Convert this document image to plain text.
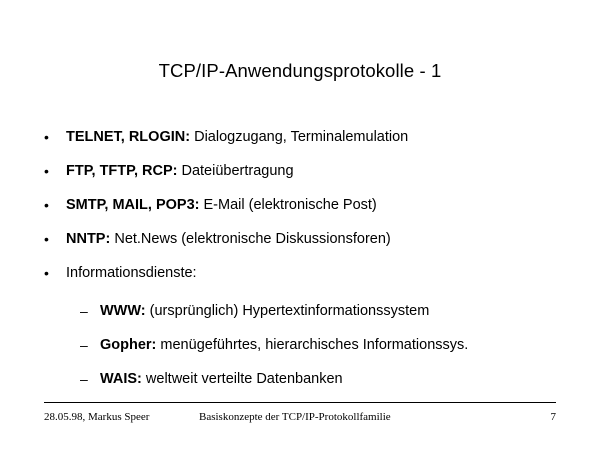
TCP/IP-Anwendungsprotokolle - 1
•	TELNET, RLOGIN: Dialogzugang, Terminalemulation
•	FTP, TFTP, RCP: Dateiübertragung
•	SMTP, MAIL, POP3: E-Mail (elektronische Post)
•	NNTP: Net.News (elektronische Diskussionsforen)
•	Informationsdienste:
– WWW: (ursprünglich) Hypertextinformationssystem
– Gopher: menügeführtes, hierarchisches Informationssys.
– WAIS: weltweit verteilte Datenbanken
28.05.98, Markus Speer	Basiskonzepte der TCP/IP-Protokollfamilie	7
